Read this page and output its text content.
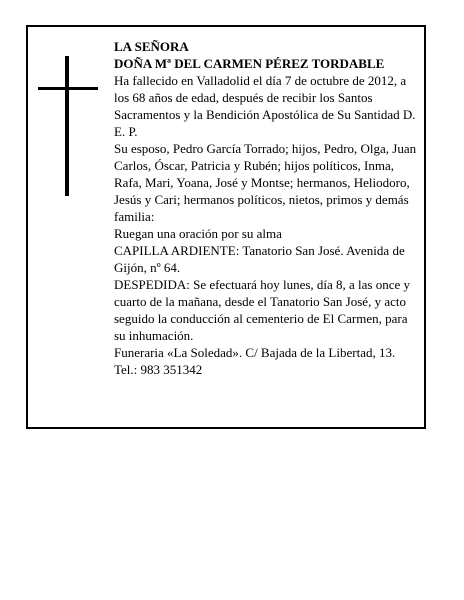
LA SEÑORA

DOÑA Mª DEL CARMEN PÉREZ TORDABLE

Ha fallecido en Valladolid el día 7 de octubre de 2012, a los 68 años de edad, después de recibir los Santos Sacramentos y la Bendición Apostólica de Su Santidad D. E. P.

Su esposo, Pedro García Torrado; hijos, Pedro, Olga, Juan Carlos, Óscar, Patricia y Rubén; hijos políticos, Inma, Rafa, Mari, Yoana, José y Montse; hermanos, Heliodoro, Jesús y Cari; hermanos políticos, nietos, primos y demás familia:

Ruegan una oración por su alma

CAPILLA ARDIENTE: Tanatorio San José. Avenida de Gijón, nº 64.

DESPEDIDA: Se efectuará hoy lunes, día 8, a las once y cuarto de la mañana, desde el Tanatorio San José, y acto seguido la conducción al cementerio de El Carmen, para su inhumación.

Funeraria «La Soledad». C/ Bajada de la Libertad, 13.

Tel.: 983 351342
